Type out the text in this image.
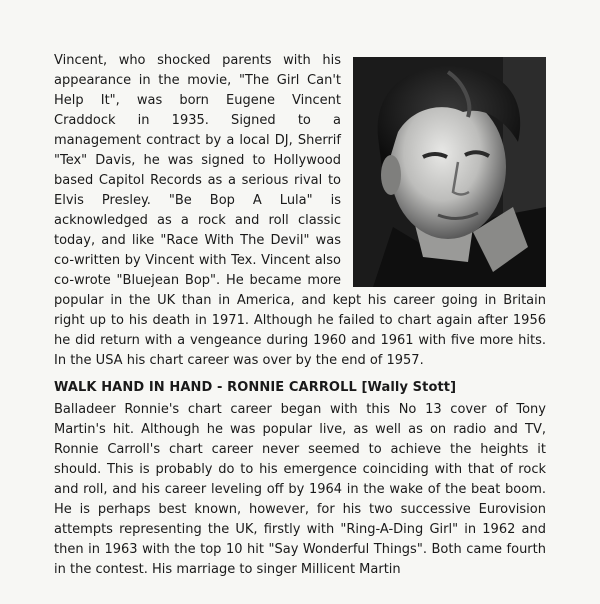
Vincent, who shocked parents with his appearance in the movie, "The Girl Can't Help It", was born Eugene Vincent Craddock in 1935. Signed to a management contract by a local DJ, Sherrif "Tex" Davis, he was signed to Hollywood based Capitol Records as a serious rival to Elvis Presley. "Be Bop A Lula" is acknowledged as a rock and roll classic today, and like "Race With The Devil" was co-written by Vincent with Tex. Vincent also co-wrote "Bluejean Bop". He became more popular in the UK than in America, and kept his career going in Britain right up to his death in 1971. Although he failed to chart again after 1956 he did return with a vengeance during 1960 and 1961 with five more hits. In the USA his chart career was over by the end of 1957.
WALK HAND IN HAND - RONNIE CARROLL [Wally Stott]
Balladeer Ronnie's chart career began with this No 13 cover of Tony Martin's hit. Although he was popular live, as well as on radio and TV, Ronnie Carroll's chart career never seemed to achieve the heights it should. This is probably do to his emergence coinciding with that of rock and roll, and his career leveling off by 1964 in the wake of the beat boom. He is perhaps best known, however, for his two successive Eurovision attempts representing the UK, firstly with "Ring-A-Ding Girl" in 1962 and then in 1963 with the top 10 hit "Say Wonderful Things". Both came fourth in the contest. His marriage to singer Millicent Martin
